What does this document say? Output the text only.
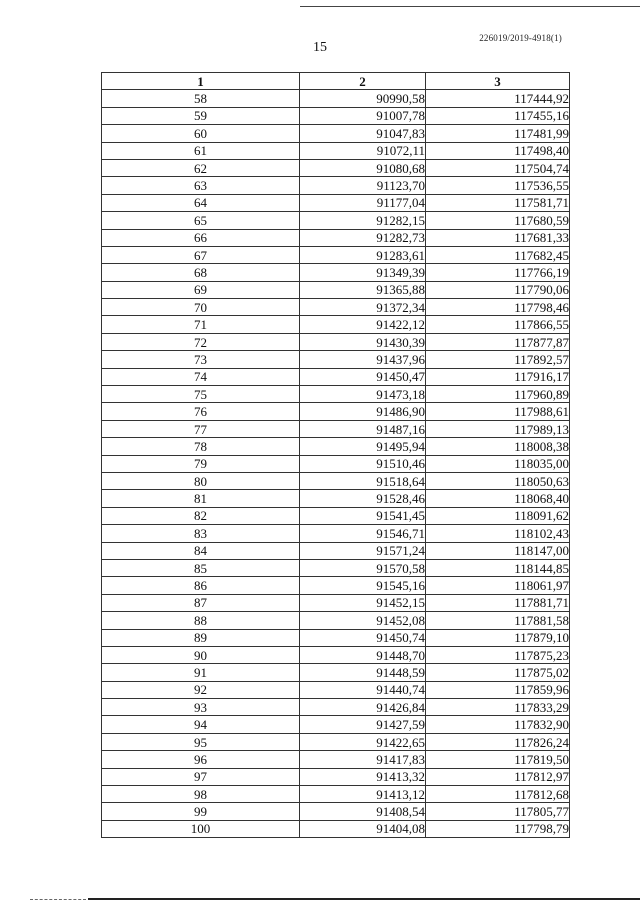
226019/2019-4918(1)
15
1	2	3
58	90990,58	117444,92
59	91007,78	117455,16
60	91047,83	117481,99
61	91072,11	117498,40
62	91080,68	117504,74
63	91123,70	117536,55
64	91177,04	117581,71
65	91282,15	117680,59
66	91282,73	117681,33
67	91283,61	117682,45
68	91349,39	117766,19
69	91365,88	117790,06
70	91372,34	117798,46
71	91422,12	117866,55
72	91430,39	117877,87
73	91437,96	117892,57
74	91450,47	117916,17
75	91473,18	117960,89
76	91486,90	117988,61
77	91487,16	117989,13
78	91495,94	118008,38
79	91510,46	118035,00
80	91518,64	118050,63
81	91528,46	118068,40
82	91541,45	118091,62
83	91546,71	118102,43
84	91571,24	118147,00
85	91570,58	118144,85
86	91545,16	118061,97
87	91452,15	117881,71
88	91452,08	117881,58
89	91450,74	117879,10
90	91448,70	117875,23
91	91448,59	117875,02
92	91440,74	117859,96
93	91426,84	117833,29
94	91427,59	117832,90
95	91422,65	117826,24
96	91417,83	117819,50
97	91413,32	117812,97
98	91413,12	117812,68
99	91408,54	117805,77
100	91404,08	117798,79
